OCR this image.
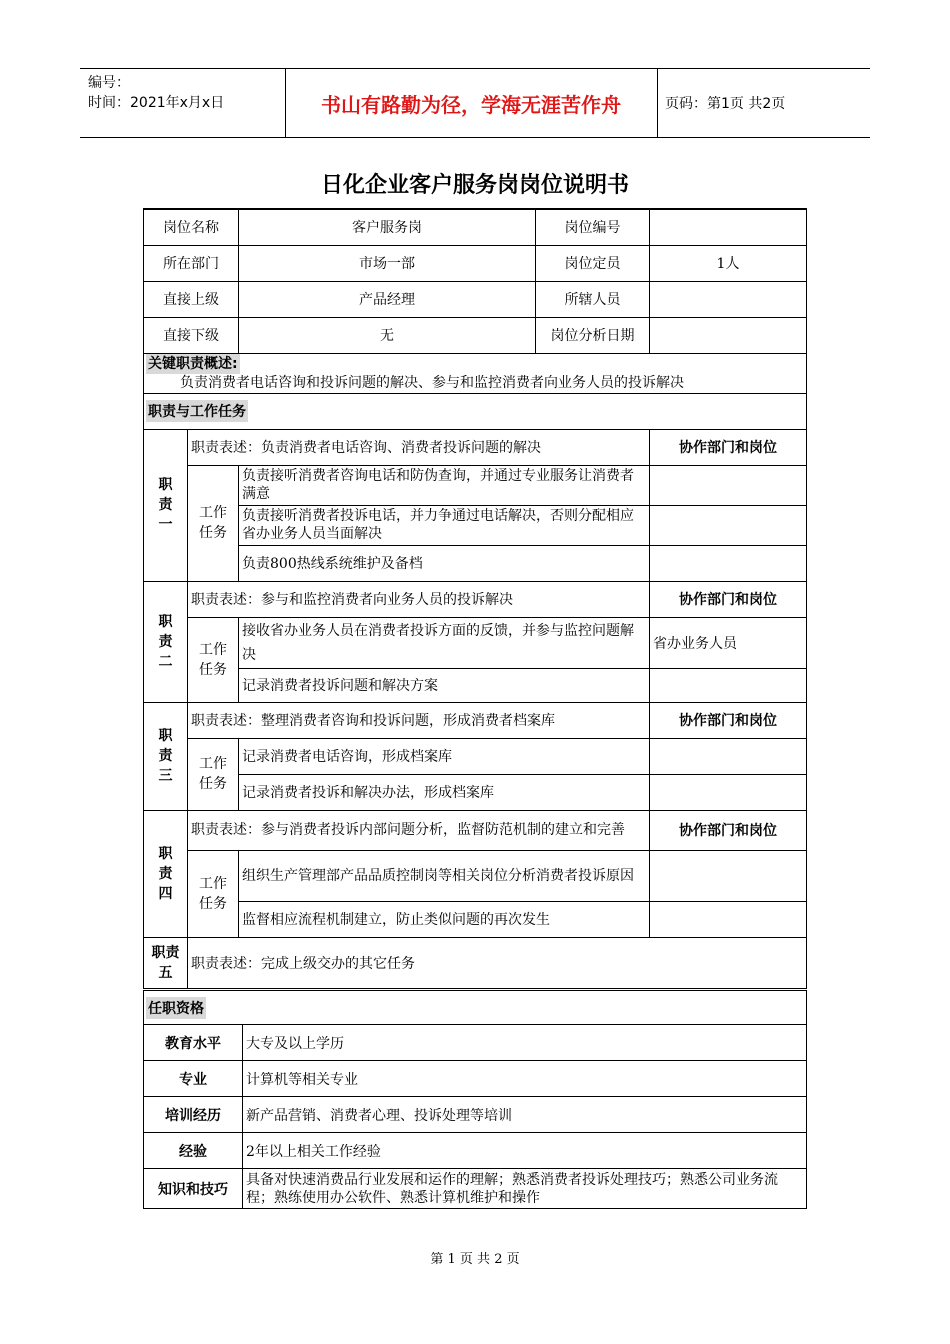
编号：
时间：2021年x月x日	书山有路勤为径，学海无涯苦作舟	页码：第1页 共2页
日化企业客户服务岗岗位说明书
岗位名称		客户服务岗	岗位编号	
所在部门		市场一部	岗位定员	1人
直接上级		产品经理	所辖人员	
直接下级		无	岗位分析日期	
关键职责概述:
负责消费者电话咨询和投诉问题的解决、参与和监控消费者向业务人员的投诉解决				
职责与工作任务				

职
责
一	职责表述：负责消费者电话咨询、消费者投诉问题的解决			协作部门和岗位
	工作
任务	负责接听消费者咨询电话和防伪查询，并通过专业服务让消费者满意		
		负责接听消费者投诉电话，并力争通过电话解决，否则分配相应省办业务人员当面解决		
		负责800热线系统维护及备档		

职
责
二	职责表述：参与和监控消费者向业务人员的投诉解决			协作部门和岗位
	工作
任务	接收省办业务人员在消费者投诉方面的反馈，并参与监控问题解决		省办业务人员
		记录消费者投诉问题和解决方案		

职
责
三	职责表述：整理消费者咨询和投诉问题，形成消费者档案库			协作部门和岗位
	工作
任务	记录消费者电话咨询，形成档案库		
		记录消费者投诉和解决办法，形成档案库		

职
责
四	职责表述：参与消费者投诉内部问题分析，监督防范机制的建立和完善			协作部门和岗位
	工作
任务	组织生产管理部产品品质控制岗等相关岗位分析消费者投诉原因		
		监督相应流程机制建立，防止类似问题的再次发生		

职责
五	职责表述：完成上级交办的其它任务			
任职资格	
教育水平	大专及以上学历
专业	计算机等相关专业
培训经历	新产品营销、消费者心理、投诉处理等培训
经验	2年以上相关工作经验
知识和技巧	具备对快速消费品行业发展和运作的理解；熟悉消费者投诉处理技巧；熟悉公司业务流程；熟练使用办公软件、熟悉计算机维护和操作
第 1 页 共 2 页
